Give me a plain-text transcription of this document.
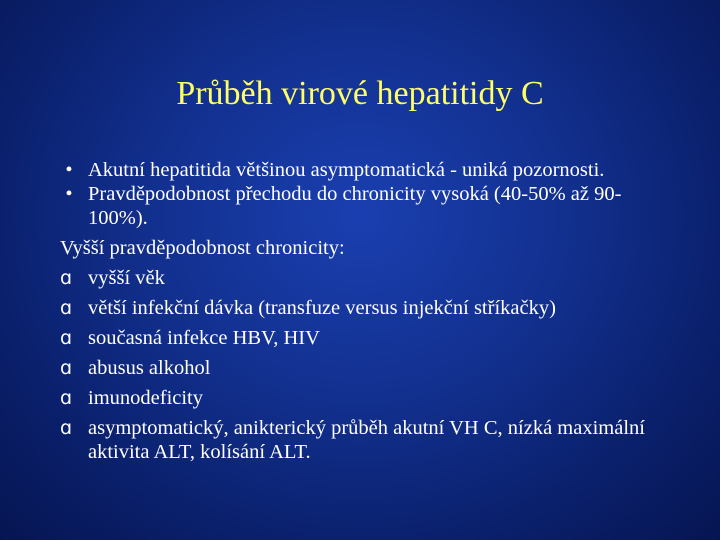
Průběh virové hepatitidy C
• Akutní hepatitida většinou asymptomatická - uniká pozornosti.
• Pravděpodobnost přechodu do chronicity vysoká (40-50% až 90-100%).
Vyšší pravděpodobnost chronicity:
ɑ vyšší věk
ɑ větší infekční dávka (transfuze versus injekční stříkačky)
ɑ současná infekce HBV, HIV
ɑ abusus alkohol
ɑ imunodeficity
ɑ asymptomatický, anikterický průběh akutní VH C, nízká maximální aktivita ALT, kolísání ALT.
